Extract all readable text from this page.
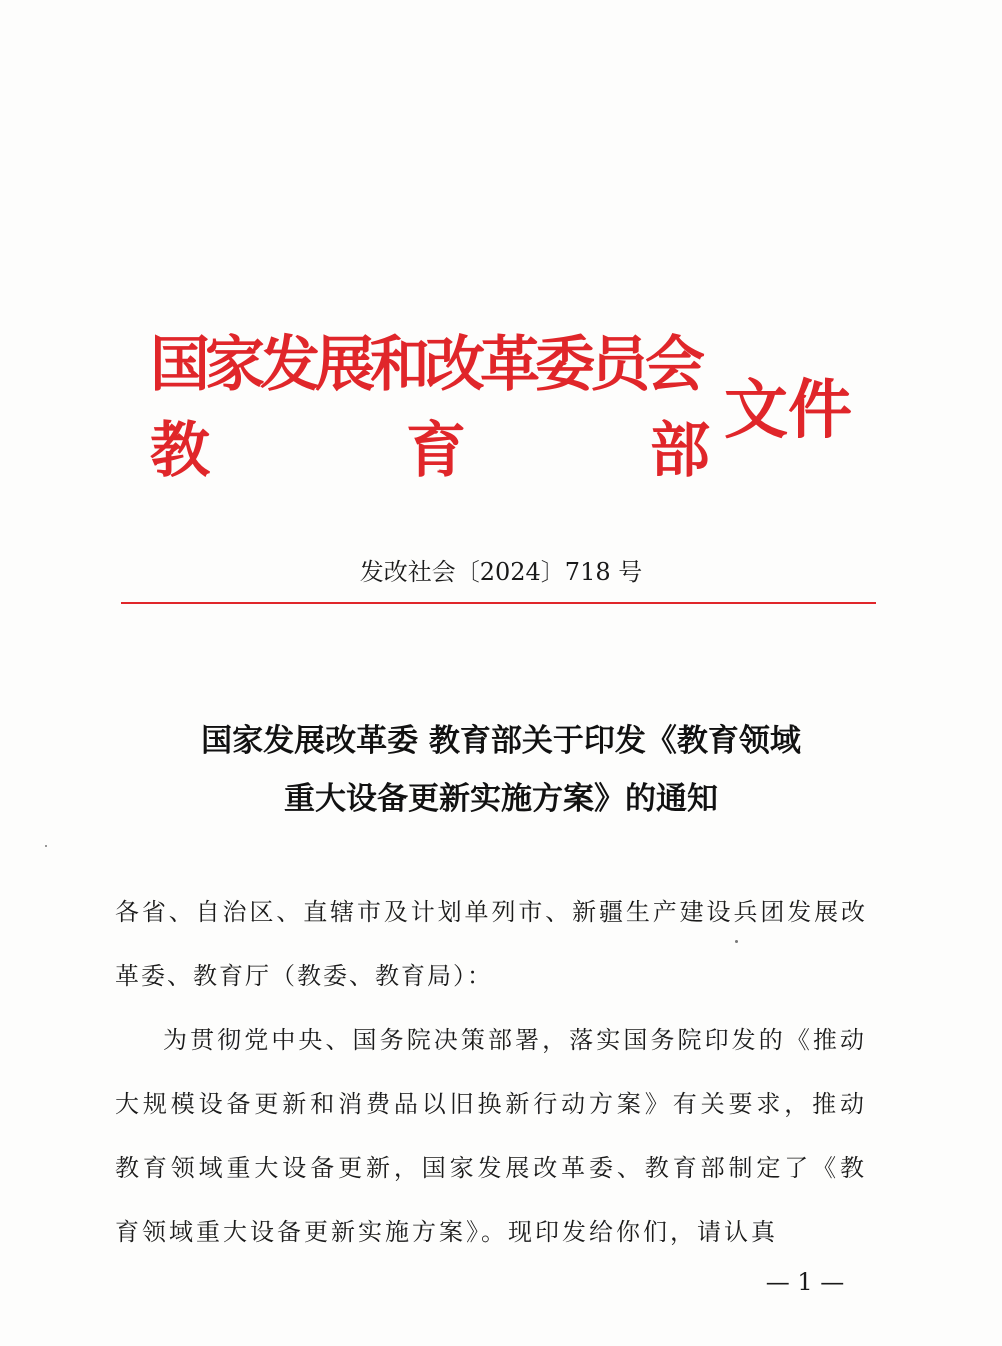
国家发展和改革委员会
教	育	部
文件
发改社会〔2024〕718 号
国家发展改革委 教育部关于印发《教育领域
重大设备更新实施方案》的通知

各省、自治区、直辖市及计划单列市、新疆生产建设兵团发展改革委、教育厅（教委、教育局）：

为贯彻党中央、国务院决策部署，落实国务院印发的《推动大规模设备更新和消费品以旧换新行动方案》有关要求，推动教育领域重大设备更新，国家发展改革委、教育部制定了《教育领域重大设备更新实施方案》。现印发给你们，请认真

— 1 —
